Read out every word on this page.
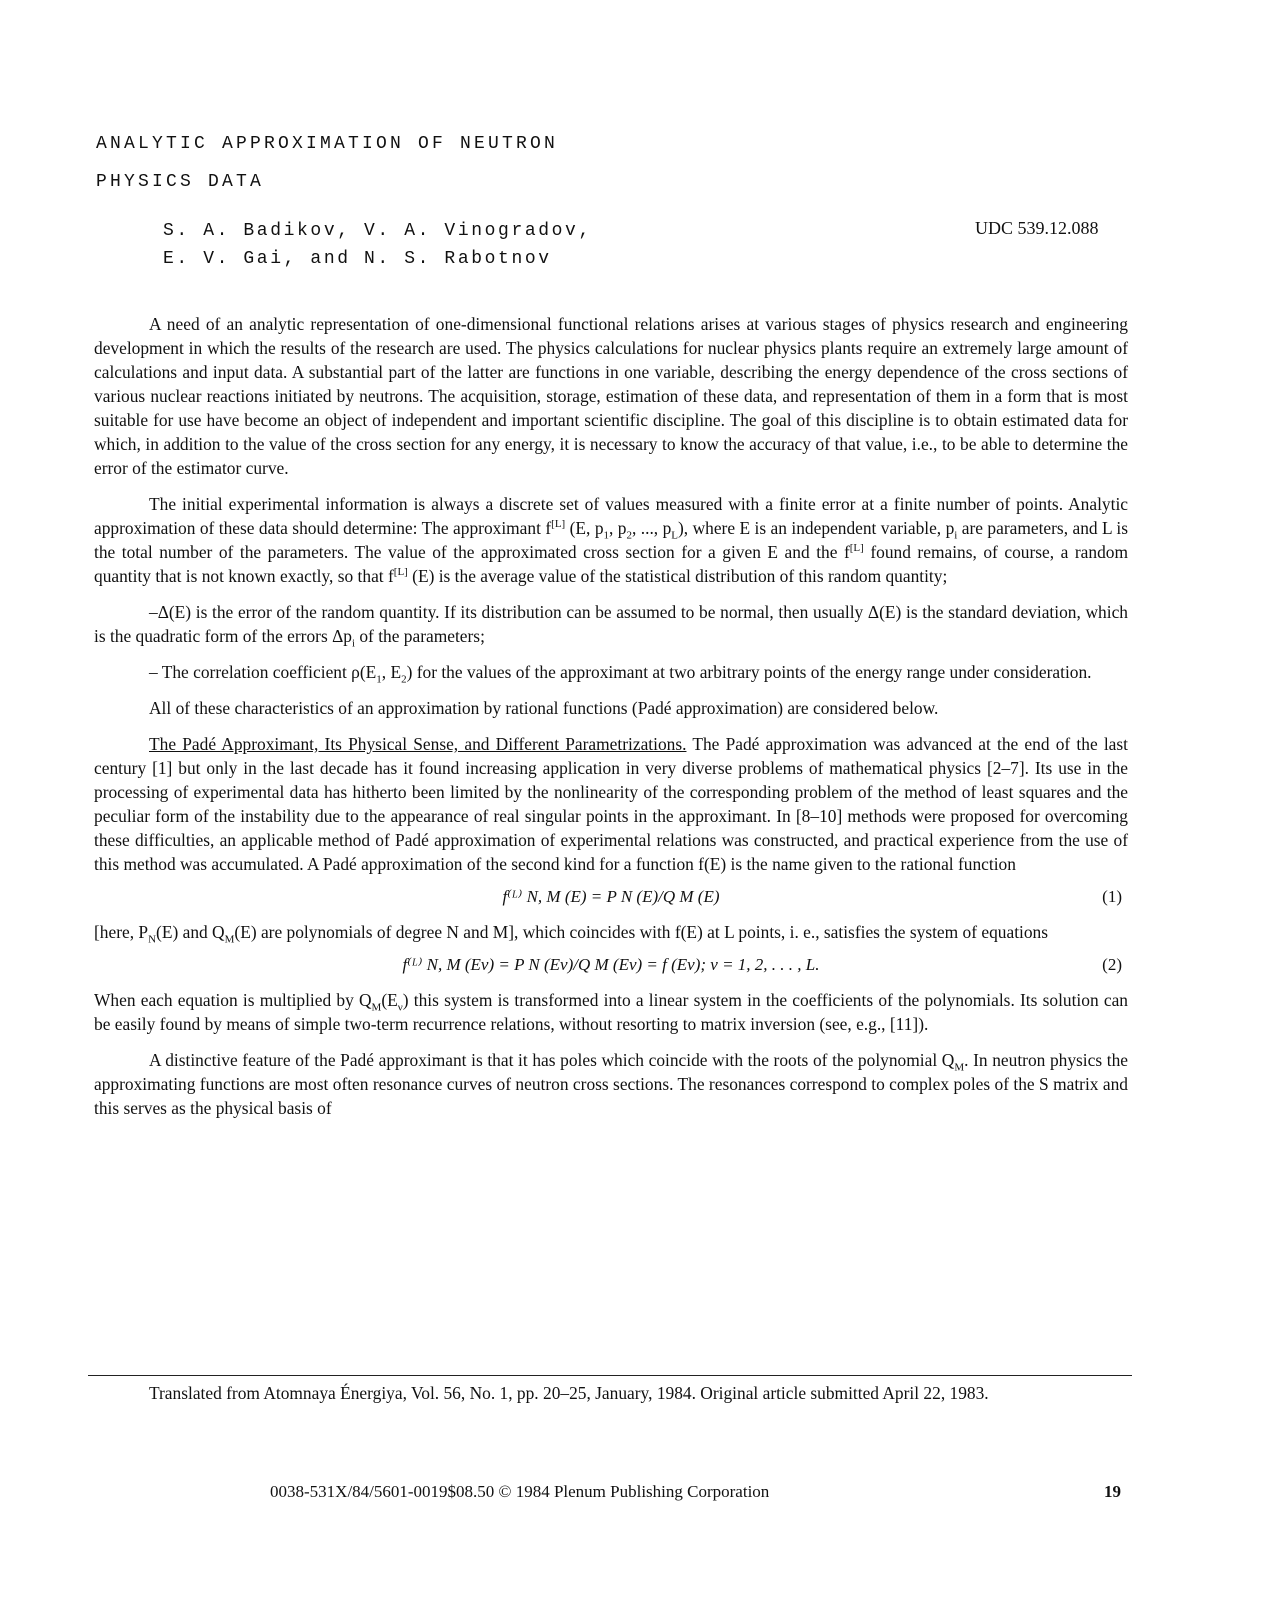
ANALYTIC APPROXIMATION OF NEUTRON
PHYSICS DATA
S. A. Badikov, V. A. Vinogradov,
E. V. Gai, and N. S. Rabotnov
UDC 539.12.088

A need of an analytic representation of one-dimensional functional relations arises at various stages of physics research and engineering development in which the results of the research are used. The physics calculations for nuclear physics plants require an extremely large amount of calculations and input data. A substantial part of the latter are functions in one variable, describing the energy dependence of the cross sections of various nuclear reactions initiated by neutrons. The acquisition, storage, estimation of these data, and representation of them in a form that is most suitable for use have become an object of independent and important scientific discipline. The goal of this discipline is to obtain estimated data for which, in addition to the value of the cross section for any energy, it is necessary to know the accuracy of that value, i.e., to be able to determine the error of the estimator curve.

The initial experimental information is always a discrete set of values measured with a finite error at a finite number of points. Analytic approximation of these data should determine: The approximant f[L] (E, $p_1$, $p_2$, ..., $p_L$), where E is an independent variable, $p_i$ are parameters, and L is the total number of the parameters. The value of the approximated cross section for a given E and the f[L] found remains, of course, a random quantity that is not known exactly, so that f[L] (E) is the average value of the statistical distribution of this random quantity;

–Δ(E) is the error of the random quantity. If its distribution can be assumed to be normal, then usually Δ(E) is the standard deviation, which is the quadratic form of the errors $\Delta p_i$ of the parameters;

– The correlation coefficient $\rho(E_1$, $E_2$) for the values of the approximant at two arbitrary points of the energy range under consideration.

All of these characteristics of an approximation by rational functions (Padé approximation) are considered below.

The Padé Approximant, Its Physical Sense, and Different Parametrizations. The Padé approximation was advanced at the end of the last century [1] but only in the last decade has it found increasing application in very diverse problems of mathematical physics [2–7]. Its use in the processing of experimental data has hitherto been limited by the nonlinearity of the corresponding problem of the method of least squares and the peculiar form of the instability due to the appearance of real singular points in the approximant. In [8–10] methods were proposed for overcoming these difficulties, an applicable method of Padé approximation of experimental relations was constructed, and practical experience from the use of this method was accumulated. A Padé approximation of the second kind for a function f(E) is the name given to the rational function

f⁽ᴸ⁾ N, M (E) = P N (E)/Q M (E)	(1)

[here, $P_N(E)$ and $Q_M(E)$ are polynomials of degree N and M], which coincides with f(E) at L points, i. e., satisfies the system of equations

f⁽ᴸ⁾ N, M (Eν) = P N (Eν)/Q M (Eν) = f (Eν); ν = 1, 2, . . . , L.	(2)

When each equation is multiplied by $Q_M(E_\nu)$ this system is transformed into a linear system in the coefficients of the polynomials. Its solution can be easily found by means of simple two-term recurrence relations, without resorting to matrix inversion (see, e.g., [11]).

A distinctive feature of the Padé approximant is that it has poles which coincide with the roots of the polynomial $Q_M$. In neutron physics the approximating functions are most often resonance curves of neutron cross sections. The resonances correspond to complex poles of the S matrix and this serves as the physical basis of

Translated from Atomnaya Énergiya, Vol. 56, No. 1, pp. 20–25, January, 1984. Original article submitted April 22, 1983.
0038-531X/84/5601-0019$08.50 © 1984 Plenum Publishing Corporation	19
